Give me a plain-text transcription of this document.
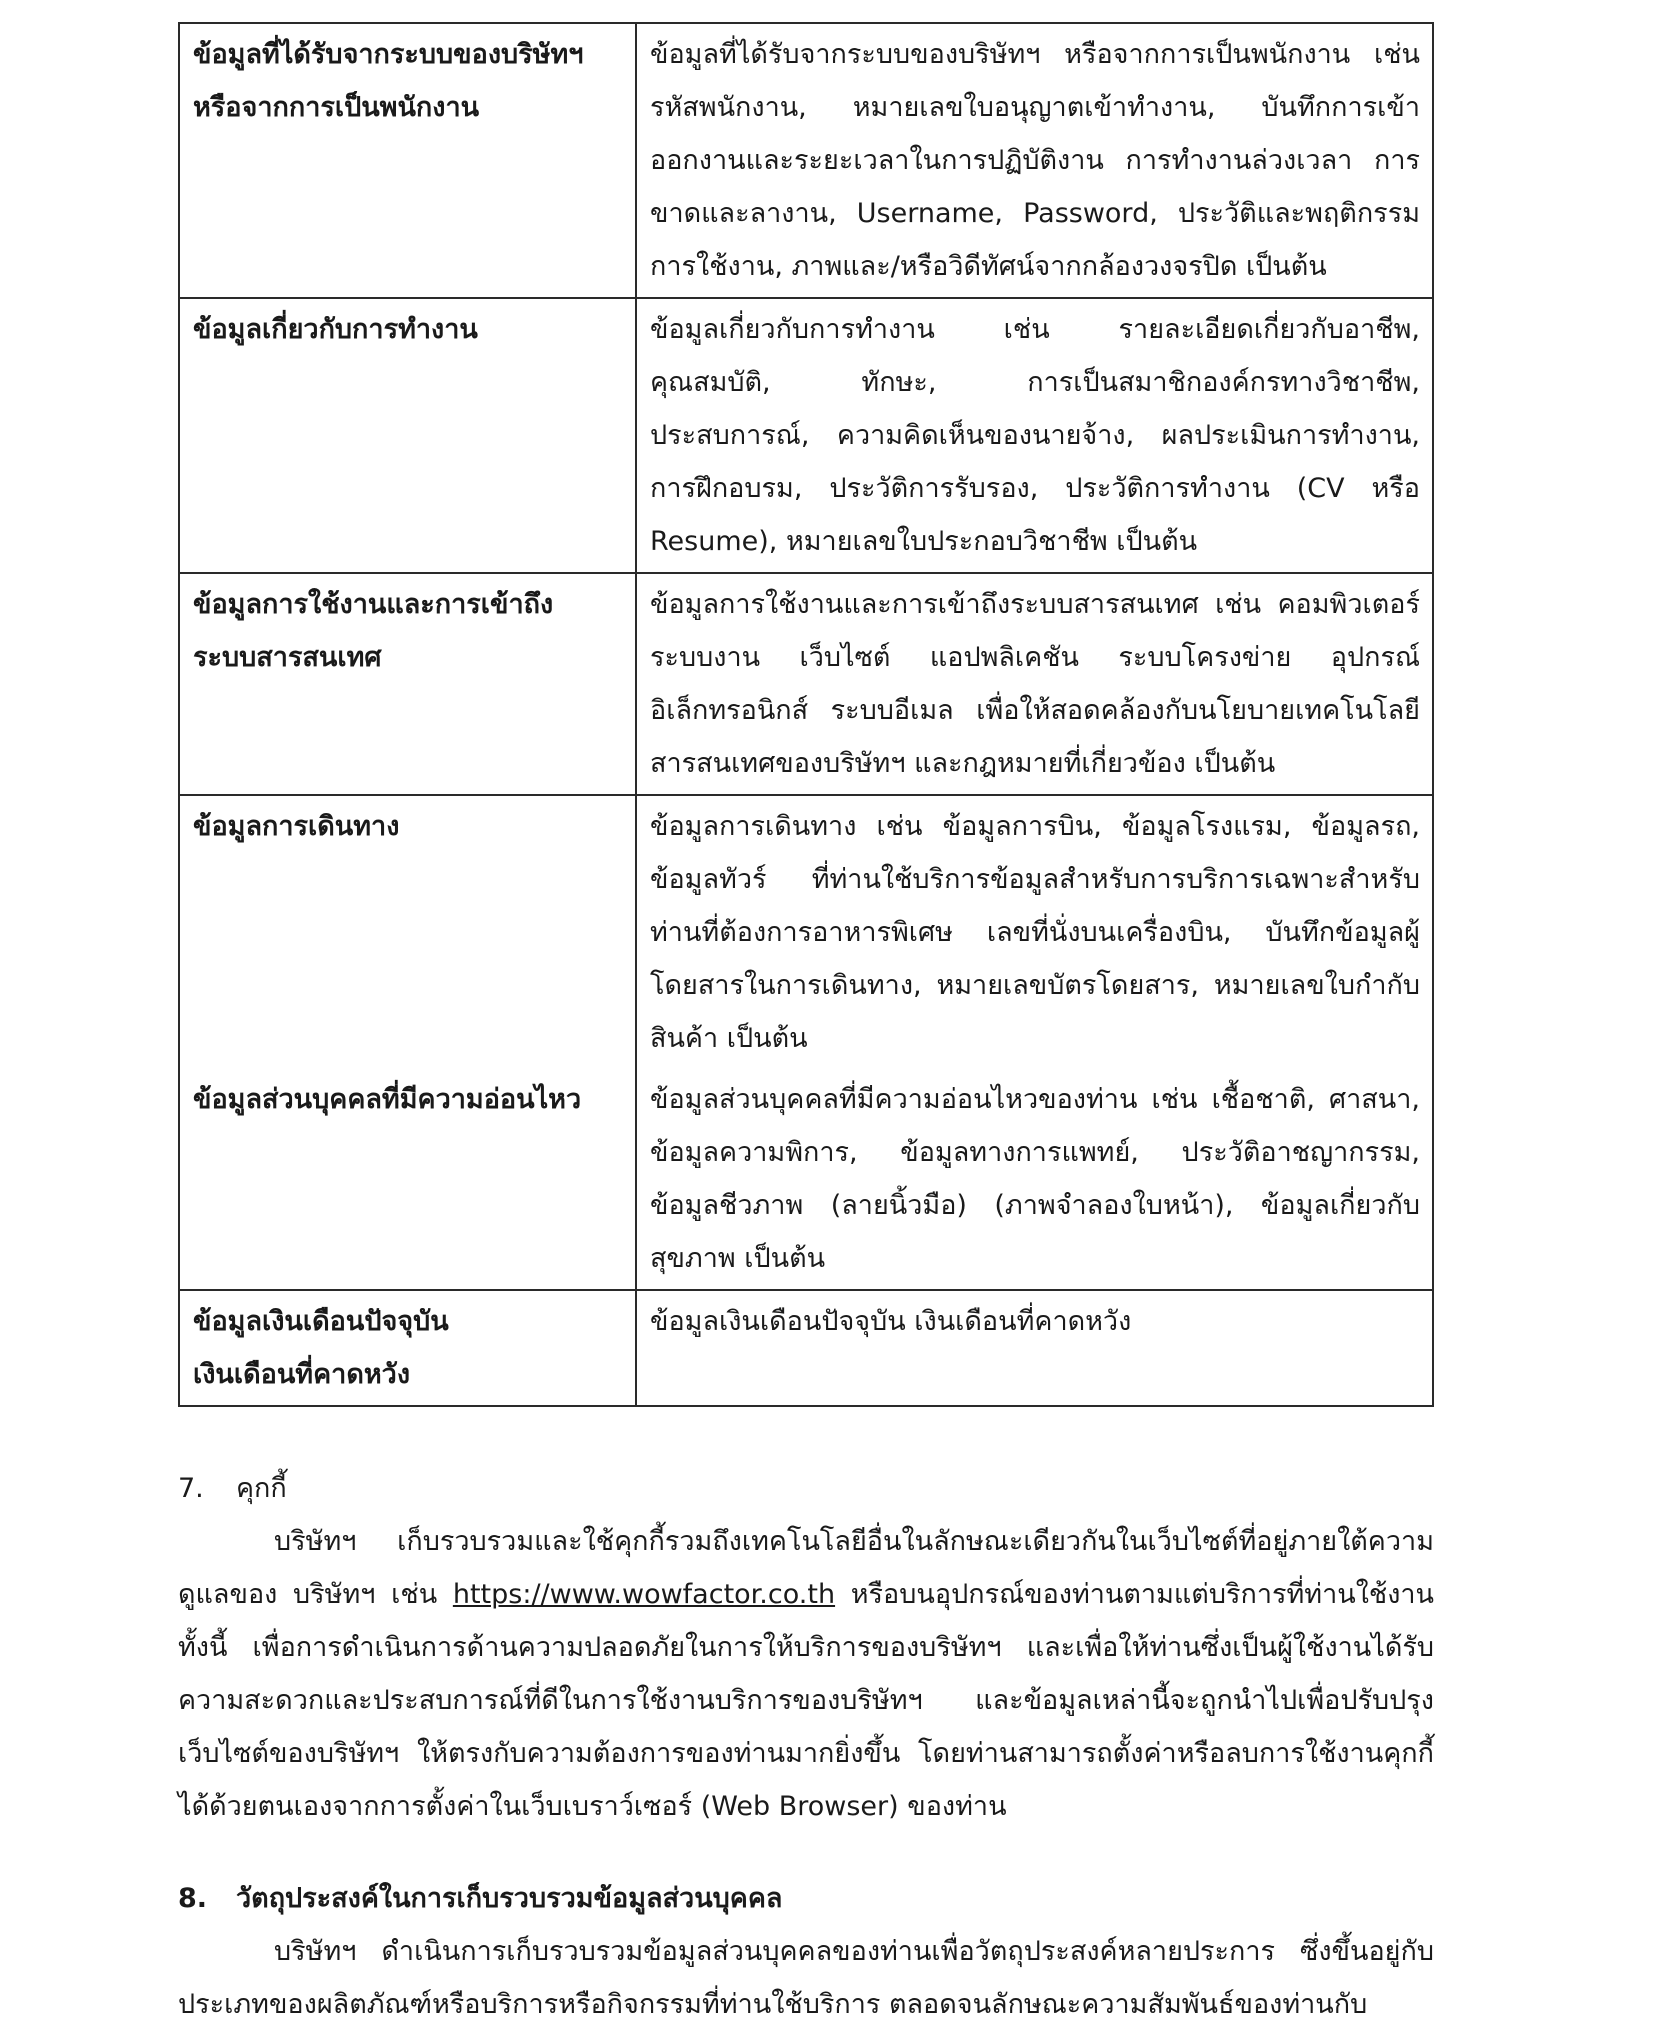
ข้อมูลที่ได้รับจากระบบของบริษัทฯ
หรือจากการเป็นพนักงาน	ข้อมูลที่ได้รับจากระบบของบริษัทฯ หรือจากการเป็นพนักงาน เช่น รหัสพนักงาน, หมายเลขใบอนุญาตเข้าทำงาน, บันทึกการเข้าออกงานและระยะเวลาในการปฏิบัติงาน การทำงานล่วงเวลา การขาดและลางาน, Username, Password, ประวัติและพฤติกรรมการใช้งาน, ภาพและ/หรือวิดีทัศน์จากกล้องวงจรปิด เป็นต้น

ข้อมูลเกี่ยวกับการทำงาน	ข้อมูลเกี่ยวกับการทำงาน เช่น รายละเอียดเกี่ยวกับอาชีพ, คุณสมบัติ, ทักษะ, การเป็นสมาชิกองค์กรทางวิชาชีพ, ประสบการณ์, ความคิดเห็นของนายจ้าง, ผลประเมินการทำงาน, การฝึกอบรม, ประวัติการรับรอง, ประวัติการทำงาน (CV หรือ Resume), หมายเลขใบประกอบวิชาชีพ เป็นต้น

ข้อมูลการใช้งานและการเข้าถึง
ระบบสารสนเทศ	ข้อมูลการใช้งานและการเข้าถึงระบบสารสนเทศ เช่น คอมพิวเตอร์ ระบบงาน เว็บไซต์ แอปพลิเคชัน ระบบโครงข่าย อุปกรณ์อิเล็กทรอนิกส์ ระบบอีเมล เพื่อให้สอดคล้องกับนโยบายเทคโนโลยีสารสนเทศของบริษัทฯ และกฎหมายที่เกี่ยวข้อง เป็นต้น

ข้อมูลการเดินทาง	ข้อมูลการเดินทาง เช่น ข้อมูลการบิน, ข้อมูลโรงแรม, ข้อมูลรถ, ข้อมูลทัวร์ ที่ท่านใช้บริการข้อมูลสำหรับการบริการเฉพาะสำหรับท่านที่ต้องการอาหารพิเศษ เลขที่นั่งบนเครื่องบิน, บันทึกข้อมูลผู้โดยสารในการเดินทาง, หมายเลขบัตรโดยสาร, หมายเลขใบกำกับสินค้า เป็นต้น

ข้อมูลส่วนบุคคลที่มีความอ่อนไหว	ข้อมูลส่วนบุคคลที่มีความอ่อนไหวของท่าน เช่น เชื้อชาติ, ศาสนา, ข้อมูลความพิการ, ข้อมูลทางการแพทย์, ประวัติอาชญากรรม, ข้อมูลชีวภาพ (ลายนิ้วมือ) (ภาพจำลองใบหน้า), ข้อมูลเกี่ยวกับสุขภาพ เป็นต้น

ข้อมูลเงินเดือนปัจจุบัน
เงินเดือนที่คาดหวัง	ข้อมูลเงินเดือนปัจจุบัน เงินเดือนที่คาดหวัง
7.	คุกกี้
บริษัทฯ เก็บรวบรวมและใช้คุกกี้รวมถึงเทคโนโลยีอื่นในลักษณะเดียวกันในเว็บไซต์ที่อยู่ภายใต้ความดูแลของ บริษัทฯ เช่น https://www.wowfactor.co.th หรือบนอุปกรณ์ของท่านตามแต่บริการที่ท่านใช้งาน ทั้งนี้ เพื่อการดำเนินการด้านความปลอดภัยในการให้บริการของบริษัทฯ และเพื่อให้ท่านซึ่งเป็นผู้ใช้งานได้รับความสะดวกและประสบการณ์ที่ดีในการใช้งานบริการของบริษัทฯ และข้อมูลเหล่านี้จะถูกนำไปเพื่อปรับปรุงเว็บไซต์ของบริษัทฯ ให้ตรงกับความต้องการของท่านมากยิ่งขึ้น โดยท่านสามารถตั้งค่าหรือลบการใช้งานคุกกี้ได้ด้วยตนเองจากการตั้งค่าในเว็บเบราว์เซอร์ (Web Browser) ของท่าน
8.	วัตถุประสงค์ในการเก็บรวบรวมข้อมูลส่วนบุคคล
บริษัทฯ ดำเนินการเก็บรวบรวมข้อมูลส่วนบุคคลของท่านเพื่อวัตถุประสงค์หลายประการ ซึ่งขึ้นอยู่กับประเภทของผลิตภัณฑ์หรือบริการหรือกิจกรรมที่ท่านใช้บริการ ตลอดจนลักษณะความสัมพันธ์ของท่านกับ
